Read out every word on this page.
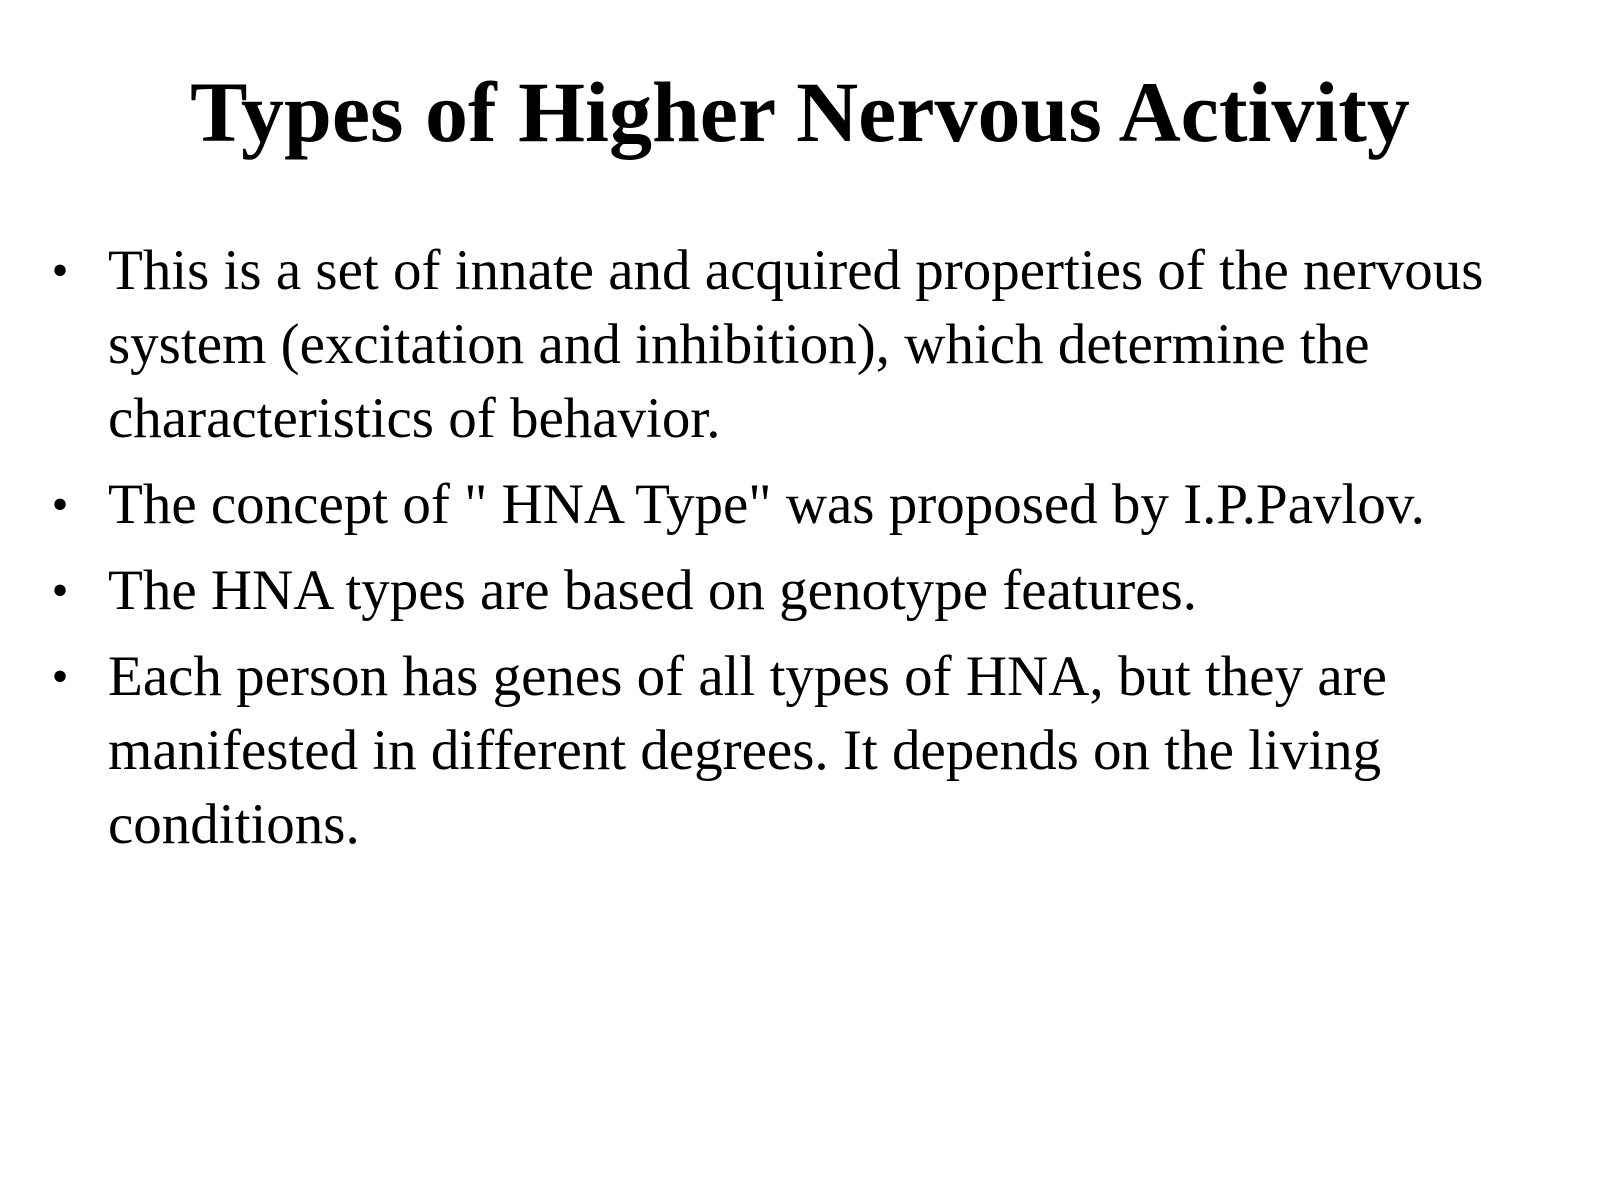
Types of Higher Nervous Activity
• This is a set of innate and acquired properties of the nervous system (excitation and inhibition), which determine the characteristics of behavior.
• The concept of " HNA Type" was proposed by I.P.Pavlov.
• The HNA types are based on genotype features.
• Each person has genes of all types of HNA, but they are manifested in different degrees. It depends on the living conditions.
